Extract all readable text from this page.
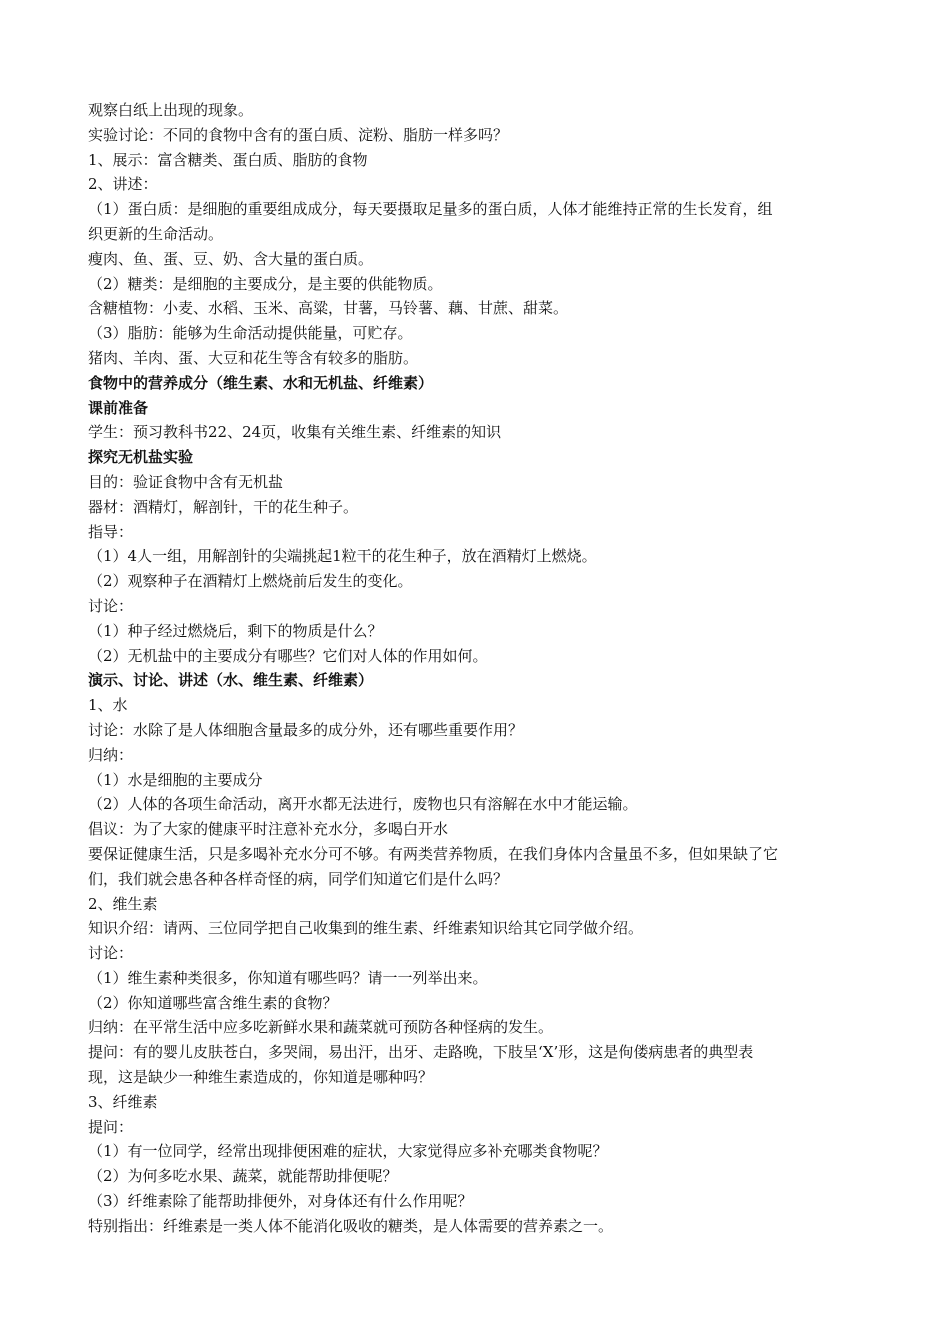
观察白纸上出现的现象。
实验讨论：不同的食物中含有的蛋白质、淀粉、脂肪一样多吗？
1、展示：富含糖类、蛋白质、脂肪的食物
2、讲述：
（1）蛋白质：是细胞的重要组成成分，每天要摄取足量多的蛋白质，人体才能维持正常的生长发育，组
织更新的生命活动。
瘦肉、鱼、蛋、豆、奶、含大量的蛋白质。
（2）糖类：是细胞的主要成分，是主要的供能物质。
含糖植物：小麦、水稻、玉米、高粱，甘薯，马铃薯、藕、甘蔗、甜菜。
（3）脂肪：能够为生命活动提供能量，可贮存。
猪肉、羊肉、蛋、大豆和花生等含有较多的脂肪。
食物中的营养成分（维生素、水和无机盐、纤维素）
课前准备
学生：预习教科书22、24页，收集有关维生素、纤维素的知识
探究无机盐实验
目的：验证食物中含有无机盐
器材：酒精灯，解剖针，干的花生种子。
指导：
（1）4人一组，用解剖针的尖端挑起1粒干的花生种子，放在酒精灯上燃烧。
（2）观察种子在酒精灯上燃烧前后发生的变化。
讨论：
（1）种子经过燃烧后，剩下的物质是什么？
（2）无机盐中的主要成分有哪些？它们对人体的作用如何。
演示、讨论、讲述（水、维生素、纤维素）
1、水
讨论：水除了是人体细胞含量最多的成分外，还有哪些重要作用？
归纳：
（1）水是细胞的主要成分
（2）人体的各项生命活动，离开水都无法进行，废物也只有溶解在水中才能运输。
倡议：为了大家的健康平时注意补充水分，多喝白开水
要保证健康生活，只是多喝补充水分可不够。有两类营养物质，在我们身体内含量虽不多，但如果缺了它
们，我们就会患各种各样奇怪的病，同学们知道它们是什么吗？
2、维生素
知识介绍：请两、三位同学把自己收集到的维生素、纤维素知识给其它同学做介绍。
讨论：
（1）维生素种类很多，你知道有哪些吗？请一一列举出来。
（2）你知道哪些富含维生素的食物？
归纳：在平常生活中应多吃新鲜水果和蔬菜就可预防各种怪病的发生。
提问：有的婴儿皮肤苍白，多哭闹，易出汗，出牙、走路晚，下肢呈‘X’形，这是佝偻病患者的典型表
现，这是缺少一种维生素造成的，你知道是哪种吗？
3、纤维素
提问：
（1）有一位同学，经常出现排便困难的症状，大家觉得应多补充哪类食物呢？
（2）为何多吃水果、蔬菜，就能帮助排便呢？
（3）纤维素除了能帮助排便外，对身体还有什么作用呢？
特别指出：纤维素是一类人体不能消化吸收的糖类，是人体需要的营养素之一。
